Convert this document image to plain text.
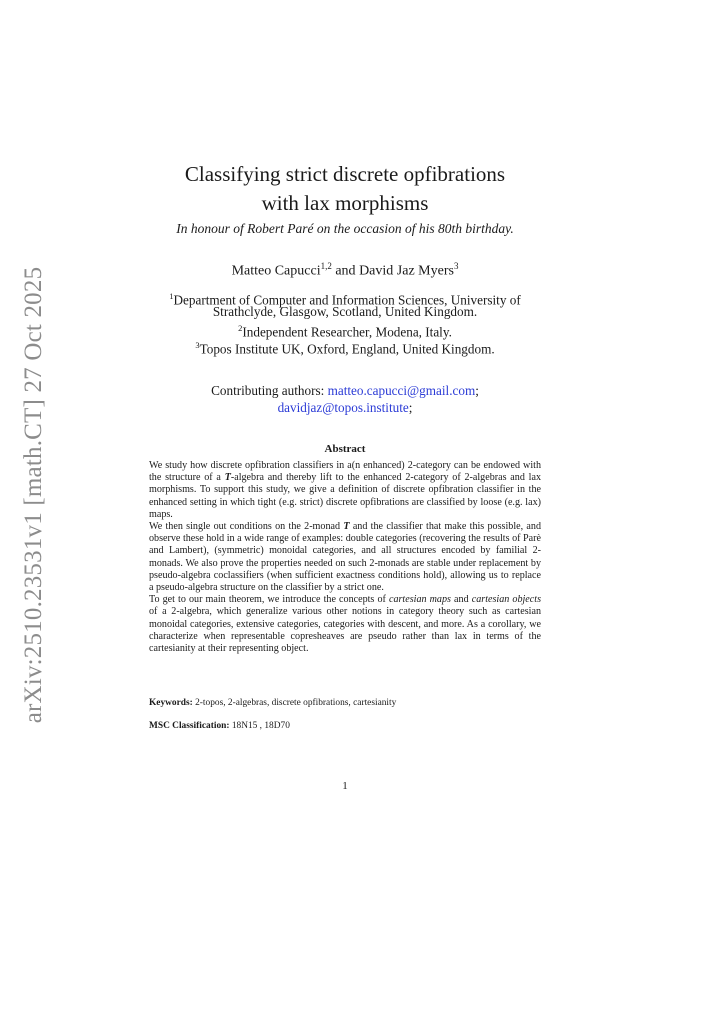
arXiv:2510.23531v1 [math.CT] 27 Oct 2025
Classifying strict discrete opfibrations
with lax morphisms
In honour of Robert Paré on the occasion of his 80th birthday.
Matteo Capucci$^{1,2}$ and David Jaz Myers$^3$
$^1$Department of Computer and Information Sciences, University of
Strathclyde, Glasgow, Scotland, United Kingdom.
$^2$Independent Researcher, Modena, Italy.
$^3$Topos Institute UK, Oxford, England, United Kingdom.
Contributing authors: matteo.capucci@gmail.com;
davidjaz@topos.institute;
Abstract

We study how discrete opfibration classifiers in a(n enhanced) 2-category can be endowed with the structure of a T-algebra and thereby lift to the enhanced 2-category of 2-algebras and lax morphisms. To support this study, we give a definition of discrete opfibration classifier in the enhanced setting in which tight (e.g. strict) discrete opfibrations are classified by loose (e.g. lax) maps.

We then single out conditions on the 2-monad T and the classifier that make this possible, and observe these hold in a wide range of examples: double categories (recovering the results of Parè and Lambert), (symmetric) monoidal categories, and all structures encoded by familial 2-monads. We also prove the properties needed on such 2-monads are stable under replacement by pseudo-algebra coclassifiers (when sufficient exactness conditions hold), allowing us to replace a pseudo-algebra structure on the classifier by a strict one.

To get to our main theorem, we introduce the concepts of cartesian maps and cartesian objects of a 2-algebra, which generalize various other notions in category theory such as cartesian monoidal categories, extensive categories, categories with descent, and more. As a corollary, we characterize when representable copresheaves are pseudo rather than lax in terms of the cartesianity at their representing object.

Keywords: 2-topos, 2-algebras, discrete opfibrations, cartesianity
MSC Classification: 18N15 , 18D70
1
